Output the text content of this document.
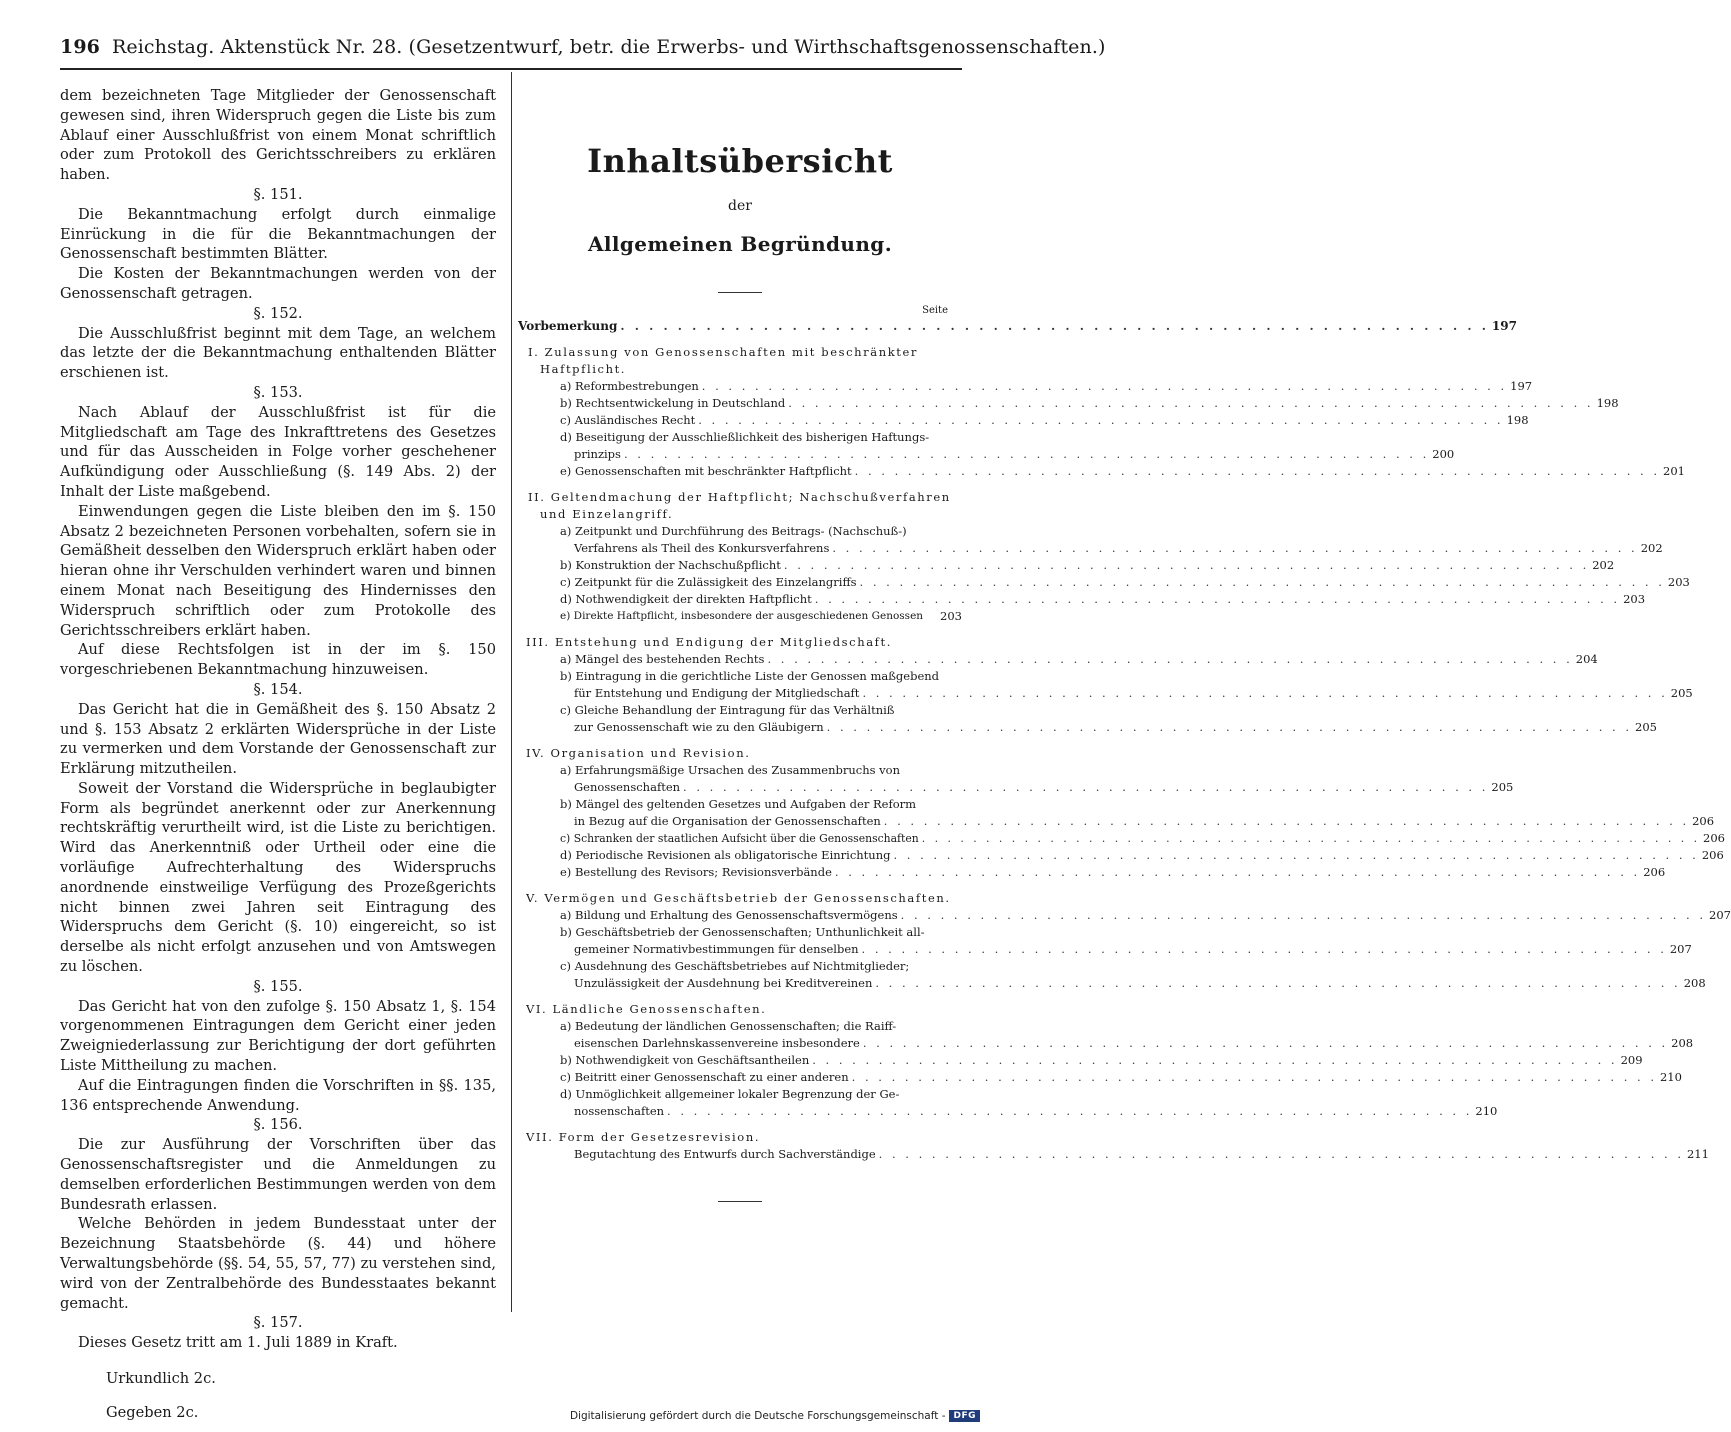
196 Reichstag. Aktenstück Nr. 28. (Gesetzentwurf, betr. die Erwerbs- und Wirthschaftsgenossenschaften.)

dem bezeichneten Tage Mitglieder der Genossenschaft gewesen sind, ihren Widerspruch gegen die Liste bis zum Ablauf einer Ausschlußfrist von einem Monat schriftlich oder zum Protokoll des Gerichtsschreibers zu erklären haben.

§. 151.

Die Bekanntmachung erfolgt durch einmalige Einrückung in die für die Bekanntmachungen der Genossenschaft bestimmten Blätter.

Die Kosten der Bekanntmachungen werden von der Genossenschaft getragen.

§. 152.

Die Ausschlußfrist beginnt mit dem Tage, an welchem das letzte der die Bekanntmachung enthaltenden Blätter erschienen ist.

§. 153.

Nach Ablauf der Ausschlußfrist ist für die Mitgliedschaft am Tage des Inkrafttretens des Gesetzes und für das Ausscheiden in Folge vorher geschehener Aufkündigung oder Ausschließung (§. 149 Abs. 2) der Inhalt der Liste maßgebend.

Einwendungen gegen die Liste bleiben den im §. 150 Absatz 2 bezeichneten Personen vorbehalten, sofern sie in Gemäßheit desselben den Widerspruch erklärt haben oder hieran ohne ihr Verschulden verhindert waren und binnen einem Monat nach Beseitigung des Hindernisses den Widerspruch schriftlich oder zum Protokolle des Gerichtsschreibers erklärt haben.

Auf diese Rechtsfolgen ist in der im §. 150 vorgeschriebenen Bekanntmachung hinzuweisen.

§. 154.

Das Gericht hat die in Gemäßheit des §. 150 Absatz 2 und §. 153 Absatz 2 erklärten Widersprüche in der Liste zu vermerken und dem Vorstande der Genossenschaft zur Erklärung mitzutheilen.

Soweit der Vorstand die Widersprüche in beglaubigter Form als begründet anerkennt oder zur Anerkennung rechtskräftig verurtheilt wird, ist die Liste zu berichtigen. Wird das Anerkenntniß oder Urtheil oder eine die vorläufige Aufrechterhaltung des Widerspruchs anordnende einstweilige Verfügung des Prozeßgerichts nicht binnen zwei Jahren seit Eintragung des Widerspruchs dem Gericht (§. 10) eingereicht, so ist derselbe als nicht erfolgt anzusehen und von Amtswegen zu löschen.

§. 155.

Das Gericht hat von den zufolge §. 150 Absatz 1, §. 154 vorgenommenen Eintragungen dem Gericht einer jeden Zweigniederlassung zur Berichtigung der dort geführten Liste Mittheilung zu machen.

Auf die Eintragungen finden die Vorschriften in §§. 135, 136 entsprechende Anwendung.

§. 156.

Die zur Ausführung der Vorschriften über das Genossenschaftsregister und die Anmeldungen zu demselben erforderlichen Bestimmungen werden von dem Bundesrath erlassen.

Welche Behörden in jedem Bundesstaat unter der Bezeichnung Staatsbehörde (§. 44) und höhere Verwaltungsbehörde (§§. 54, 55, 57, 77) zu verstehen sind, wird von der Zentralbehörde des Bundesstaates bekannt gemacht.

§. 157.

Dieses Gesetz tritt am 1. Juli 1889 in Kraft.

Urkundlich 2c.

Gegeben 2c.

Inhaltsübersicht
der
Allgemeinen Begründung.
Seite
Vorbemerkung . . .	197
I. Zulassung von Genossenschaften mit beschränkter Haftpflicht.
a) Reformbestrebungen . . .	197
b) Rechtsentwickelung in Deutschland . . .	198
c) Ausländisches Recht . . .	198
d) Beseitigung der Ausschließlichkeit des bisherigen Haftungs-
prinzips . . .	200
e) Genossenschaften mit beschränkter Haftpflicht . . .	201
II. Geltendmachung der Haftpflicht; Nachschußverfahren und Einzelangriff.
a) Zeitpunkt und Durchführung des Beitrags- (Nachschuß-)
Verfahrens als Theil des Konkursverfahrens . . .	202
b) Konstruktion der Nachschußpflicht . . .	202
c) Zeitpunkt für die Zulässigkeit des Einzelangriffs . . .	203
d) Nothwendigkeit der direkten Haftpflicht . . .	203
e) Direkte Haftpflicht, insbesondere der ausgeschiedenen Genossen	203
III. Entstehung und Endigung der Mitgliedschaft.
a) Mängel des bestehenden Rechts . . .	204
b) Eintragung in die gerichtliche Liste der Genossen maßgebend
für Entstehung und Endigung der Mitgliedschaft . . .	205
c) Gleiche Behandlung der Eintragung für das Verhältniß
zur Genossenschaft wie zu den Gläubigern . . .	205
IV. Organisation und Revision.
a) Erfahrungsmäßige Ursachen des Zusammenbruchs von
Genossenschaften . . .	205
b) Mängel des geltenden Gesetzes und Aufgaben der Reform
in Bezug auf die Organisation der Genossenschaften . . .	206
c) Schranken der staatlichen Aufsicht über die Genossenschaften . . .	206
d) Periodische Revisionen als obligatorische Einrichtung . . .	206
e) Bestellung des Revisors; Revisionsverbände . . .	206
V. Vermögen und Geschäftsbetrieb der Genossenschaften.
a) Bildung und Erhaltung des Genossenschaftsvermögens . . .	207
b) Geschäftsbetrieb der Genossenschaften; Unthunlichkeit all-
gemeiner Normativbestimmungen für denselben . . .	207
c) Ausdehnung des Geschäftsbetriebes auf Nichtmitglieder;
Unzulässigkeit der Ausdehnung bei Kreditvereinen . . .	208
VI. Ländliche Genossenschaften.
a) Bedeutung der ländlichen Genossenschaften; die Raiff-
eisenschen Darlehnskassenvereine insbesondere . . .	208
b) Nothwendigkeit von Geschäftsantheilen . . .	209
c) Beitritt einer Genossenschaft zu einer anderen . . .	210
d) Unmöglichkeit allgemeiner lokaler Begrenzung der Ge-
nossenschaften . . .	210
VII. Form der Gesetzesrevision.
Begutachtung des Entwurfs durch Sachverständige . . .	211
Digitalisierung gefördert durch die Deutsche Forschungsgemeinschaft - DFG
